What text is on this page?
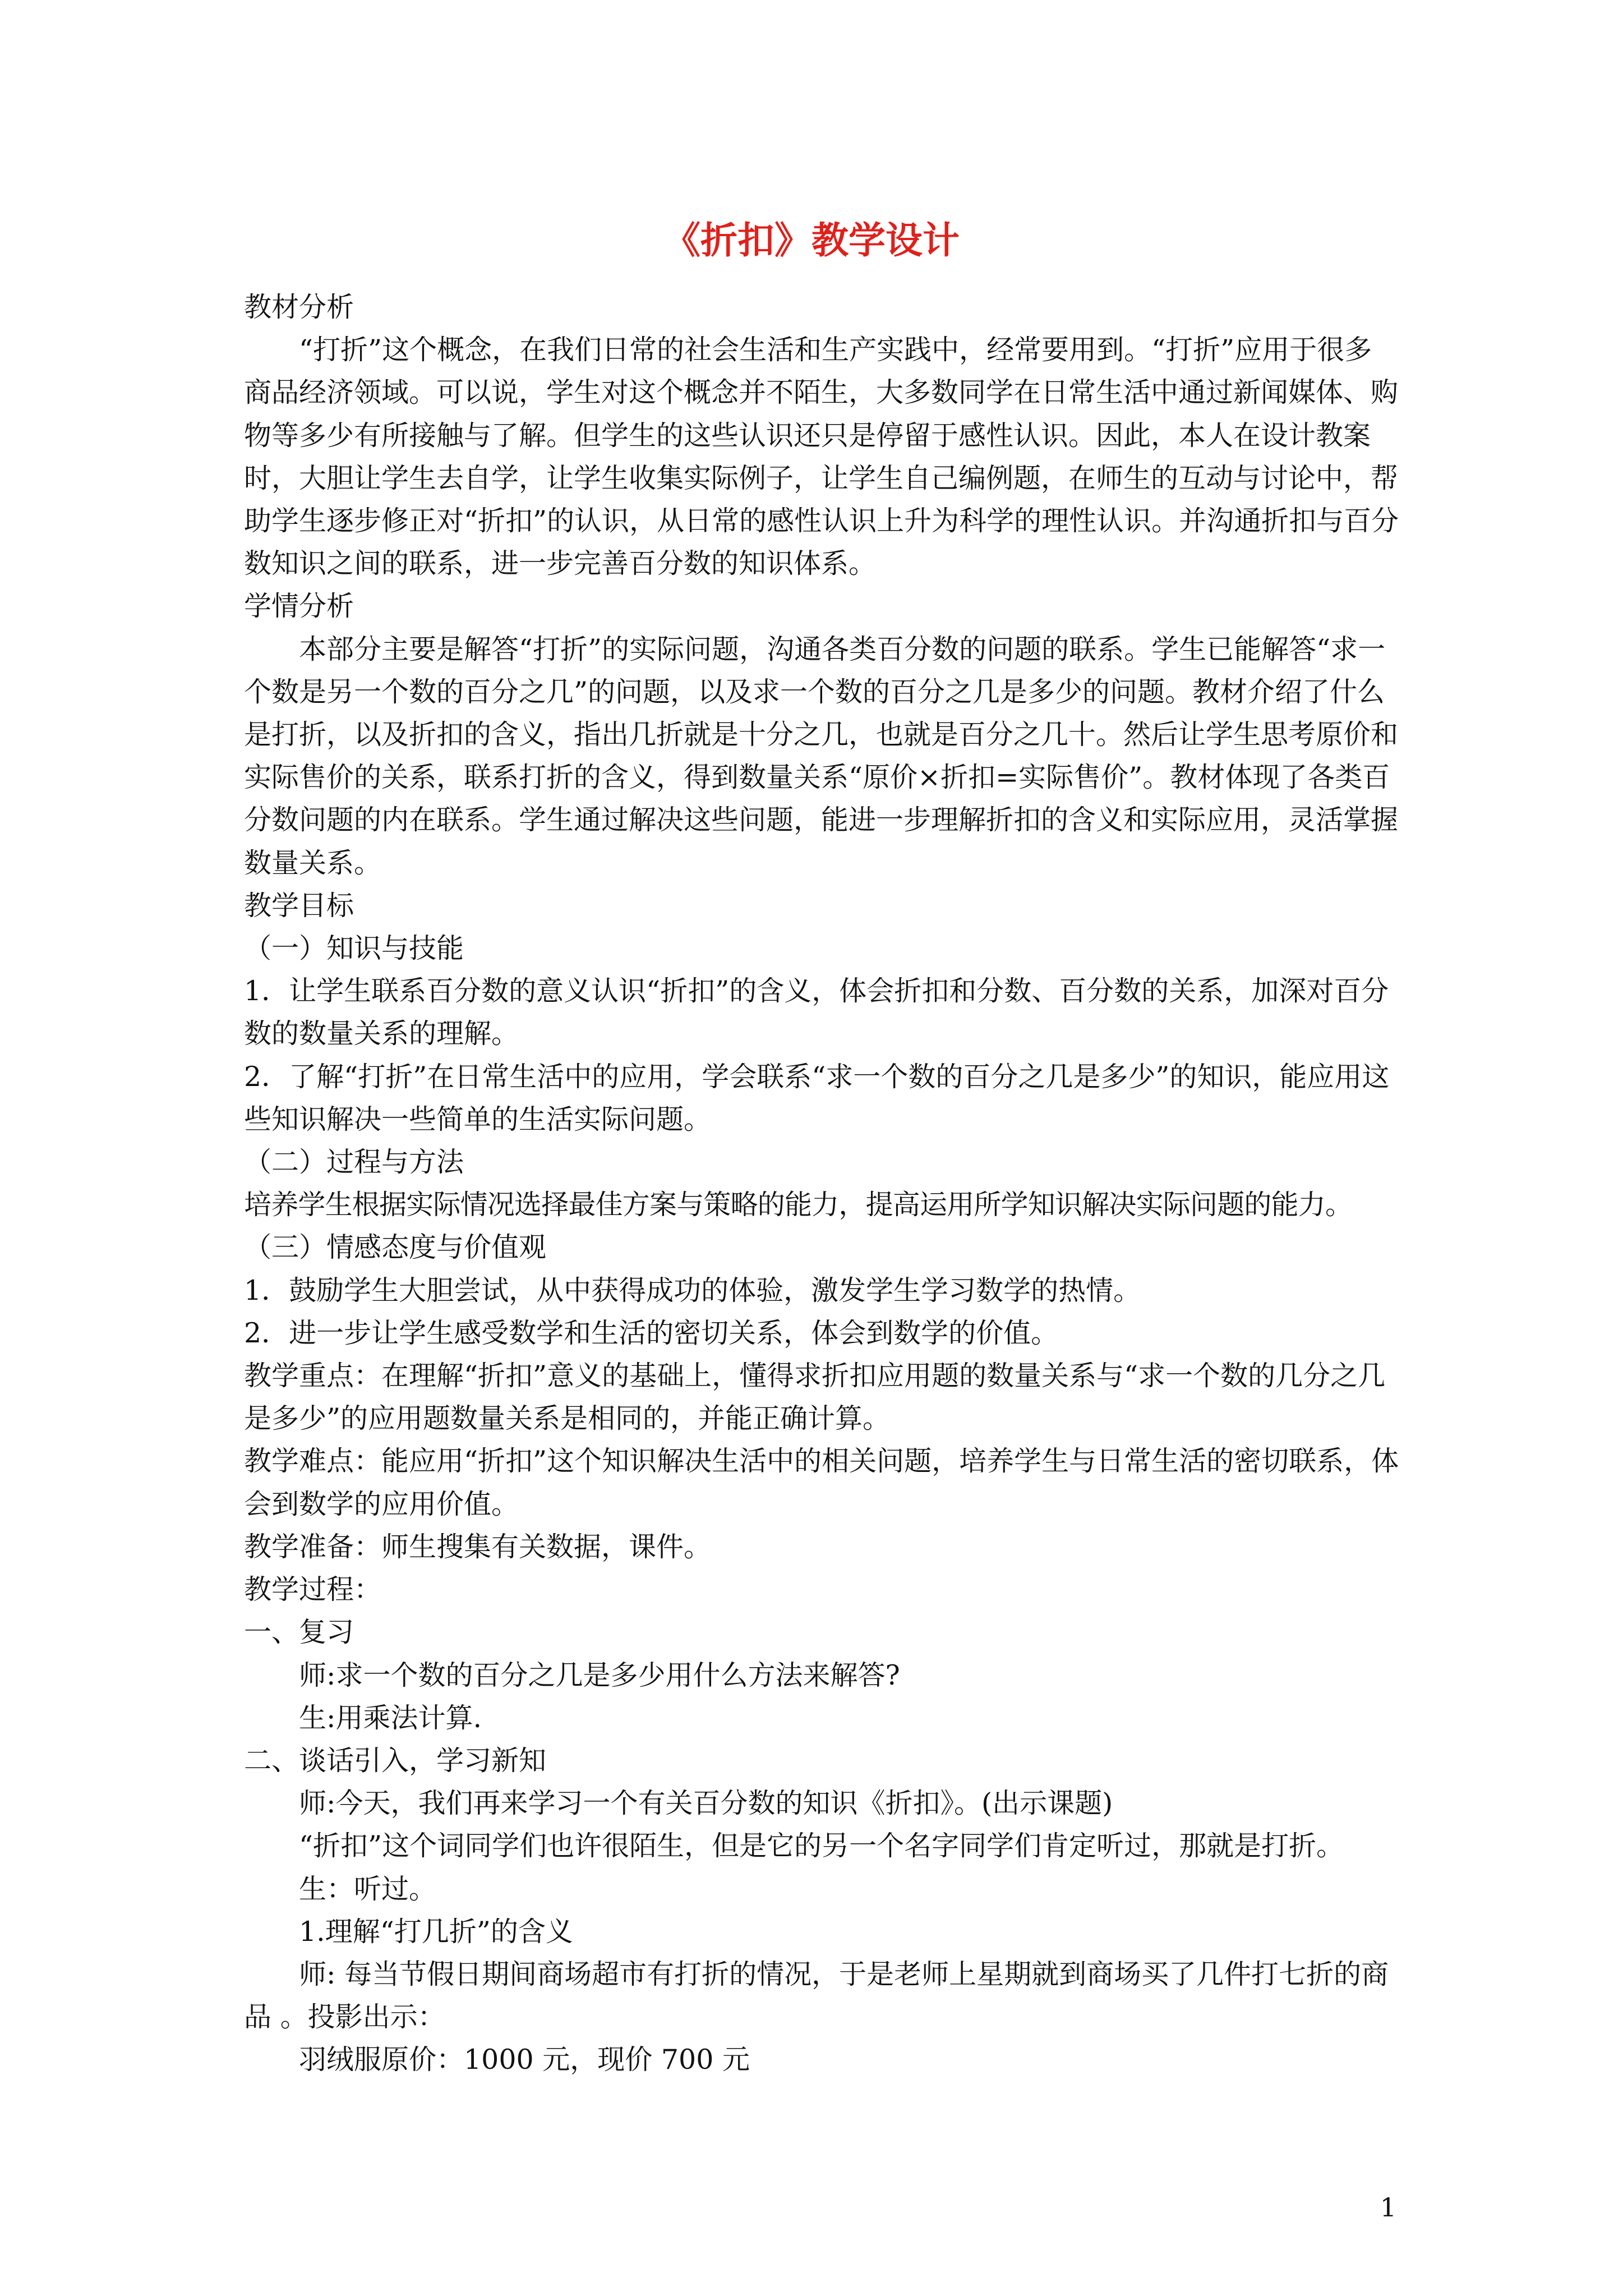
《折扣》教学设计

教材分析

“打折”这个概念，在我们日常的社会生活和生产实践中，经常要用到。“打折”应用于很多商品经济领域。可以说，学生对这个概念并不陌生，大多数同学在日常生活中通过新闻媒体、购物等多少有所接触与了解。但学生的这些认识还只是停留于感性认识。因此，本人在设计教案时，大胆让学生去自学，让学生收集实际例子，让学生自己编例题，在师生的互动与讨论中，帮助学生逐步修正对“折扣”的认识，从日常的感性认识上升为科学的理性认识。并沟通折扣与百分数知识之间的联系，进一步完善百分数的知识体系。

学情分析

本部分主要是解答“打折”的实际问题，沟通各类百分数的问题的联系。学生已能解答“求一个数是另一个数的百分之几”的问题，以及求一个数的百分之几是多少的问题。教材介绍了什么是打折，以及折扣的含义，指出几折就是十分之几，也就是百分之几十。然后让学生思考原价和实际售价的关系，联系打折的含义，得到数量关系“原价×折扣=实际售价”。教材体现了各类百分数问题的内在联系。学生通过解决这些问题，能进一步理解折扣的含义和实际应用，灵活掌握数量关系。

教学目标

（一）知识与技能

1．让学生联系百分数的意义认识“折扣”的含义，体会折扣和分数、百分数的关系，加深对百分数的数量关系的理解。

2．了解“打折”在日常生活中的应用，学会联系“求一个数的百分之几是多少”的知识，能应用这些知识解决一些简单的生活实际问题。

（二）过程与方法

培养学生根据实际情况选择最佳方案与策略的能力，提高运用所学知识解决实际问题的能力。

（三）情感态度与价值观

1．鼓励学生大胆尝试，从中获得成功的体验，激发学生学习数学的热情。

2．进一步让学生感受数学和生活的密切关系，体会到数学的价值。

教学重点：在理解“折扣”意义的基础上，懂得求折扣应用题的数量关系与“求一个数的几分之几是多少”的应用题数量关系是相同的，并能正确计算。

教学难点：能应用“折扣”这个知识解决生活中的相关问题，培养学生与日常生活的密切联系，体会到数学的应用价值。

教学准备：师生搜集有关数据，课件。

教学过程：

一、复习

师:求一个数的百分之几是多少用什么方法来解答?

生:用乘法计算.

二、谈话引入，学习新知

师:今天，我们再来学习一个有关百分数的知识《折扣》。(出示课题)

“折扣”这个词同学们也许很陌生，但是它的另一个名字同学们肯定听过，那就是打折。

生：听过。

1.理解“打几折”的含义

师: 每当节假日期间商场超市有打折的情况，于是老师上星期就到商场买了几件打七折的商品 。投影出示：

羽绒服原价：1000 元，现价 700 元

1
